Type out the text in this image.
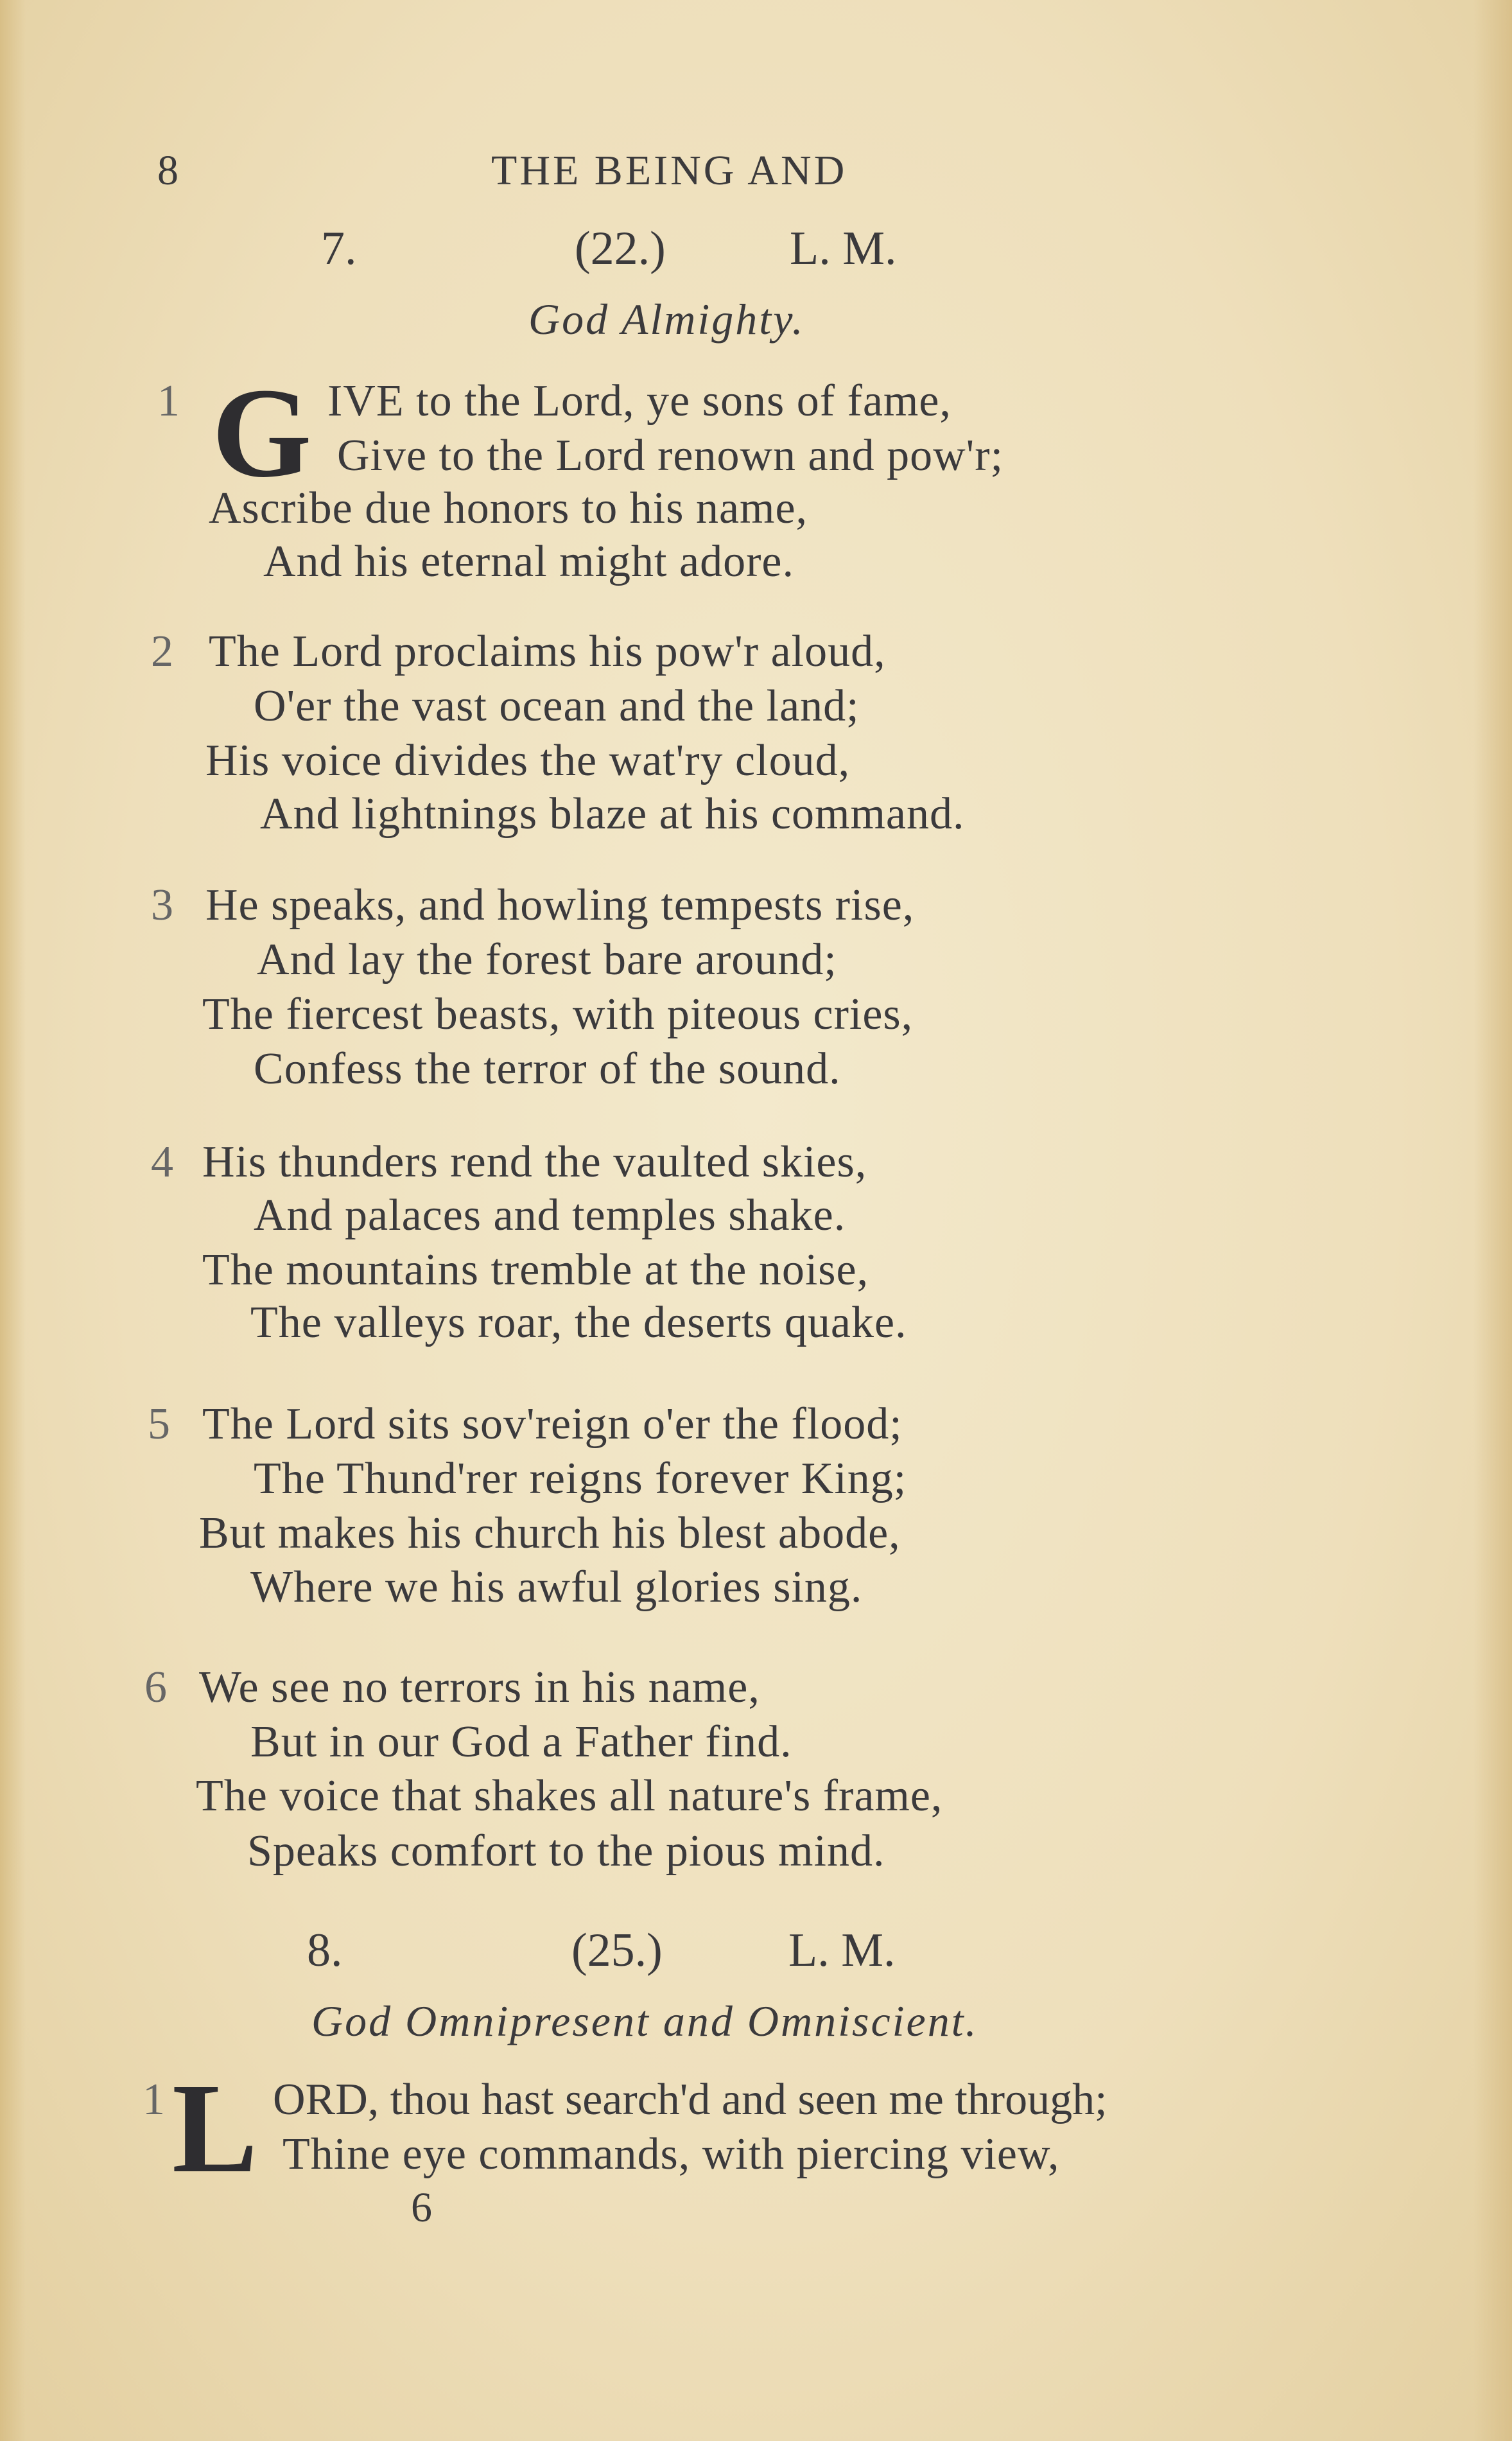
8	THE BEING AND
7.	(22.)	L. M.
God Almighty.
1 G IVE to the Lord, ye sons of fame,
Give to the Lord renown and pow'r;
Ascribe due honors to his name,
And his eternal might adore.
2 The Lord proclaims his pow'r aloud,
O'er the vast ocean and the land;
His voice divides the wat'ry cloud,
And lightnings blaze at his command.
3 He speaks, and howling tempests rise,
And lay the forest bare around;
The fiercest beasts, with piteous cries,
Confess the terror of the sound.
4 His thunders rend the vaulted skies,
And palaces and temples shake.
The mountains tremble at the noise,
The valleys roar, the deserts quake.
5 The Lord sits sov'reign o'er the flood;
The Thund'rer reigns forever King;
But makes his church his blest abode,
Where we his awful glories sing.
6 We see no terrors in his name,
But in our God a Father find.
The voice that shakes all nature's frame,
Speaks comfort to the pious mind.
8.	(25.)	L. M.
God Omnipresent and Omniscient.
1 L ORD, thou hast search'd and seen me through;
Thine eye commands, with piercing view,
6
